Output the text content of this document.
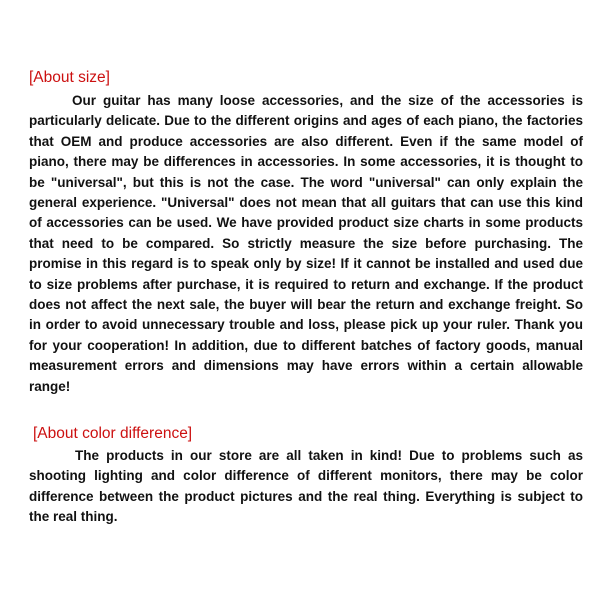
[About size]

Our guitar has many loose accessories, and the size of the accessories is particularly delicate. Due to the different origins and ages of each piano, the factories that OEM and produce accessories are also different. Even if the same model of piano, there may be differences in accessories. In some accessories, it is thought to be "universal", but this is not the case. The word "universal" can only explain the general experience. "Universal" does not mean that all guitars that can use this kind of accessories can be used. We have provided product size charts in some products that need to be compared. So strictly measure the size before purchasing. The promise in this regard is to speak only by size! If it cannot be installed and used due to size problems after purchase, it is required to return and exchange. If the product does not affect the next sale, the buyer will bear the return and exchange freight. So in order to avoid unnecessary trouble and loss, please pick up your ruler. Thank you for your cooperation! In addition, due to different batches of factory goods, manual measurement errors and dimensions may have errors within a certain allowable range!

[About color difference]

The products in our store are all taken in kind! Due to problems such as shooting lighting and color difference of different monitors, there may be color difference between the product pictures and the real thing. Everything is subject to the real thing.
